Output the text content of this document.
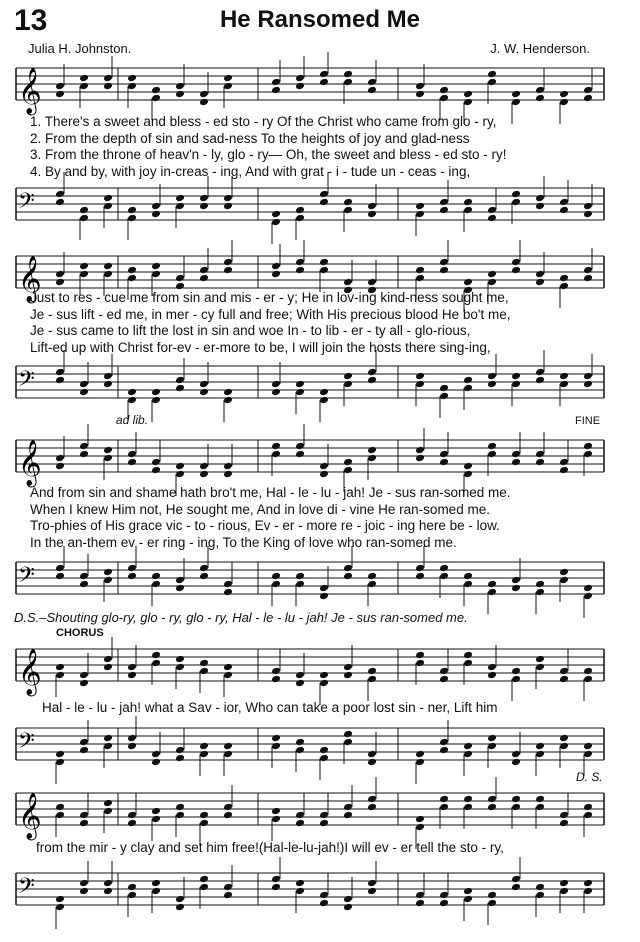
13	He Ransomed Me
Julia H. Johnston.	J. W. Henderson.
𝄞
1. There's a sweet and bless - ed sto - ry Of the Christ who came from glo - ry,
2. From the depth of sin and sad-ness To the heights of joy and glad-ness
3. From the throne of heav'n - ly, glo - ry— Oh, the sweet and bless - ed sto - ry!
4. By and by, with joy in-creas - ing, And with grat - i - tude un - ceas - ing,
𝄢
𝄞
Just to res - cue me from sin and mis - er - y; He in lov-ing kind-ness sought me,
Je - sus lift - ed me, in mer - cy full and free; With His precious blood He bo't me,
Je - sus came to lift the lost in sin and woe In - to lib - er - ty all - glo-rious,
Lift-ed up with Christ for-ev - er-more to be, I will join the hosts there sing-ing,
𝄢
ad lib.	FINE
𝄞
And from sin and shame hath bro't me, Hal - le - lu - jah! Je - sus ran-somed me.
When I knew Him not, He sought me, And in love di - vine He ran-somed me.
Tro-phies of His grace vic - to - rious, Ev - er - more re - joic - ing here be - low.
In the an-them ev - er ring - ing, To the King of love who ran-somed me.
𝄢
D.S.–Shouting glo-ry, glo - ry, glo - ry, Hal - le - lu - jah! Je - sus ran-somed me.
CHORUS
𝄞
Hal - le - lu - jah! what a Sav - ior, Who can take a poor lost sin - ner, Lift him
𝄢
D. S.
𝄞
from the mir - y clay and set him free!(Hal-le-lu-jah!)I will ev - er tell the sto - ry,
𝄢
